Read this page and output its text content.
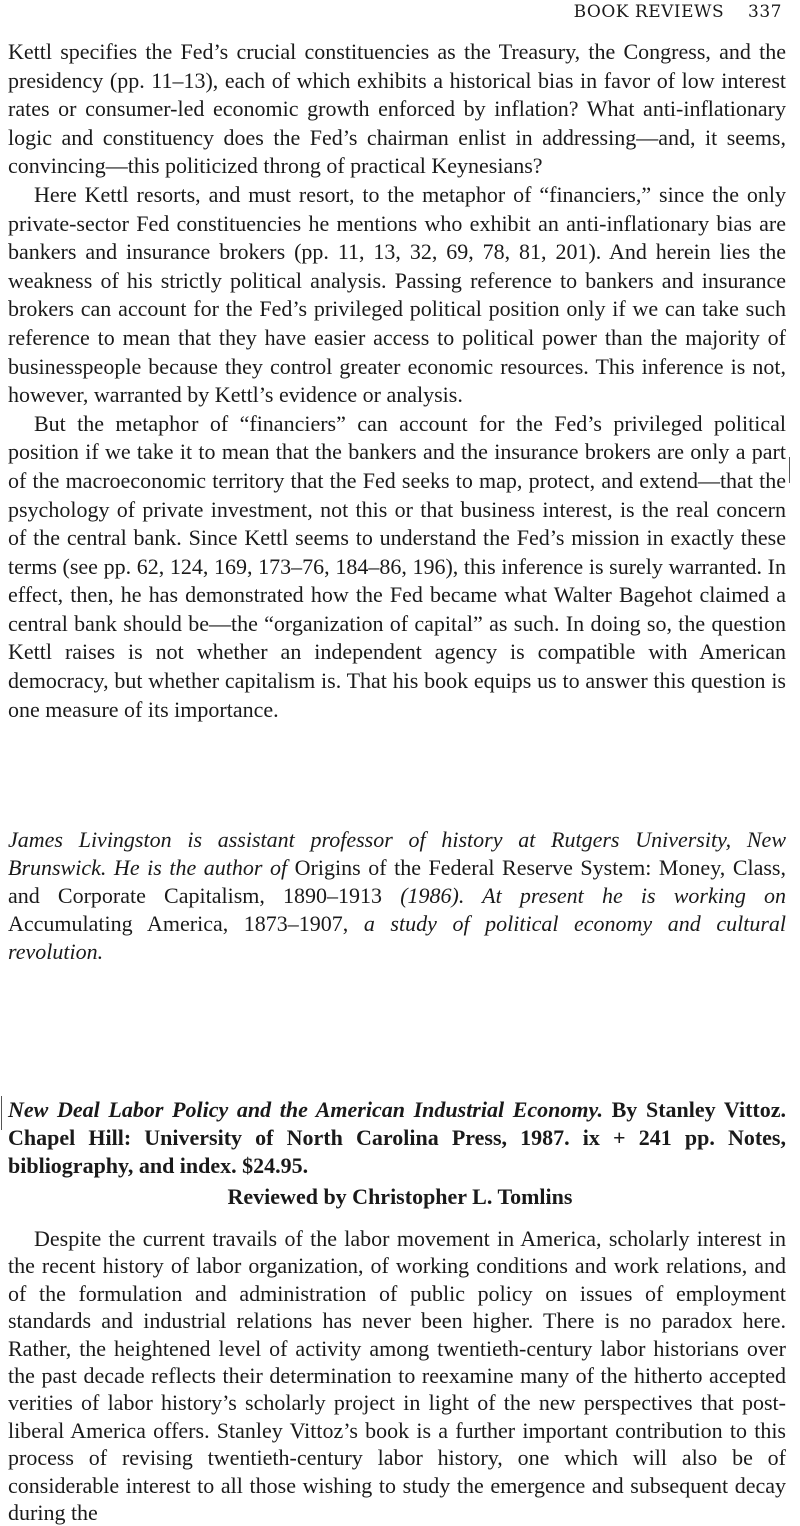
BOOK REVIEWS 337

Kettl specifies the Fed’s crucial constituencies as the Treasury, the Congress, and the presidency (pp. 11–13), each of which exhibits a historical bias in favor of low interest rates or consumer-led economic growth enforced by inflation? What anti-inflationary logic and constituency does the Fed’s chairman enlist in addressing—and, it seems, convincing—this politicized throng of practical Keynesians?

Here Kettl resorts, and must resort, to the metaphor of “financiers,” since the only private-sector Fed constituencies he mentions who exhibit an anti-inflationary bias are bankers and insurance brokers (pp. 11, 13, 32, 69, 78, 81, 201). And herein lies the weakness of his strictly political analysis. Passing reference to bankers and insurance brokers can account for the Fed’s privileged political position only if we can take such reference to mean that they have easier access to political power than the majority of businesspeople because they control greater economic resources. This inference is not, however, warranted by Kettl’s evidence or analysis.

But the metaphor of “financiers” can account for the Fed’s privileged political position if we take it to mean that the bankers and the insurance brokers are only a part of the macroeconomic territory that the Fed seeks to map, protect, and extend—that the psychology of private investment, not this or that business interest, is the real concern of the central bank. Since Kettl seems to understand the Fed’s mission in exactly these terms (see pp. 62, 124, 169, 173–76, 184–86, 196), this inference is surely warranted. In effect, then, he has demonstrated how the Fed became what Walter Bagehot claimed a central bank should be—the “organization of capital” as such. In doing so, the question Kettl raises is not whether an independent agency is compatible with American democracy, but whether capitalism is. That his book equips us to answer this question is one measure of its importance.

James Livingston is assistant professor of history at Rutgers University, New Brunswick. He is the author of Origins of the Federal Reserve System: Money, Class, and Corporate Capitalism, 1890–1913 (1986). At present he is working on Accumulating America, 1873–1907, a study of political economy and cultural revolution.
New Deal Labor Policy and the American Industrial Economy. By Stanley Vittoz. Chapel Hill: University of North Carolina Press, 1987. ix + 241 pp. Notes, bibliography, and index. $24.95.
Reviewed by Christopher L. Tomlins

Despite the current travails of the labor movement in America, scholarly interest in the recent history of labor organization, of working conditions and work relations, and of the formulation and administration of public policy on issues of employment standards and industrial relations has never been higher. There is no paradox here. Rather, the heightened level of activity among twentieth-century labor historians over the past decade reflects their determination to reexamine many of the hitherto accepted verities of labor history’s scholarly project in light of the new perspectives that post-liberal America offers. Stanley Vittoz’s book is a further important contribution to this process of revising twentieth-century labor history, one which will also be of considerable interest to all those wishing to study the emergence and subsequent decay during the
